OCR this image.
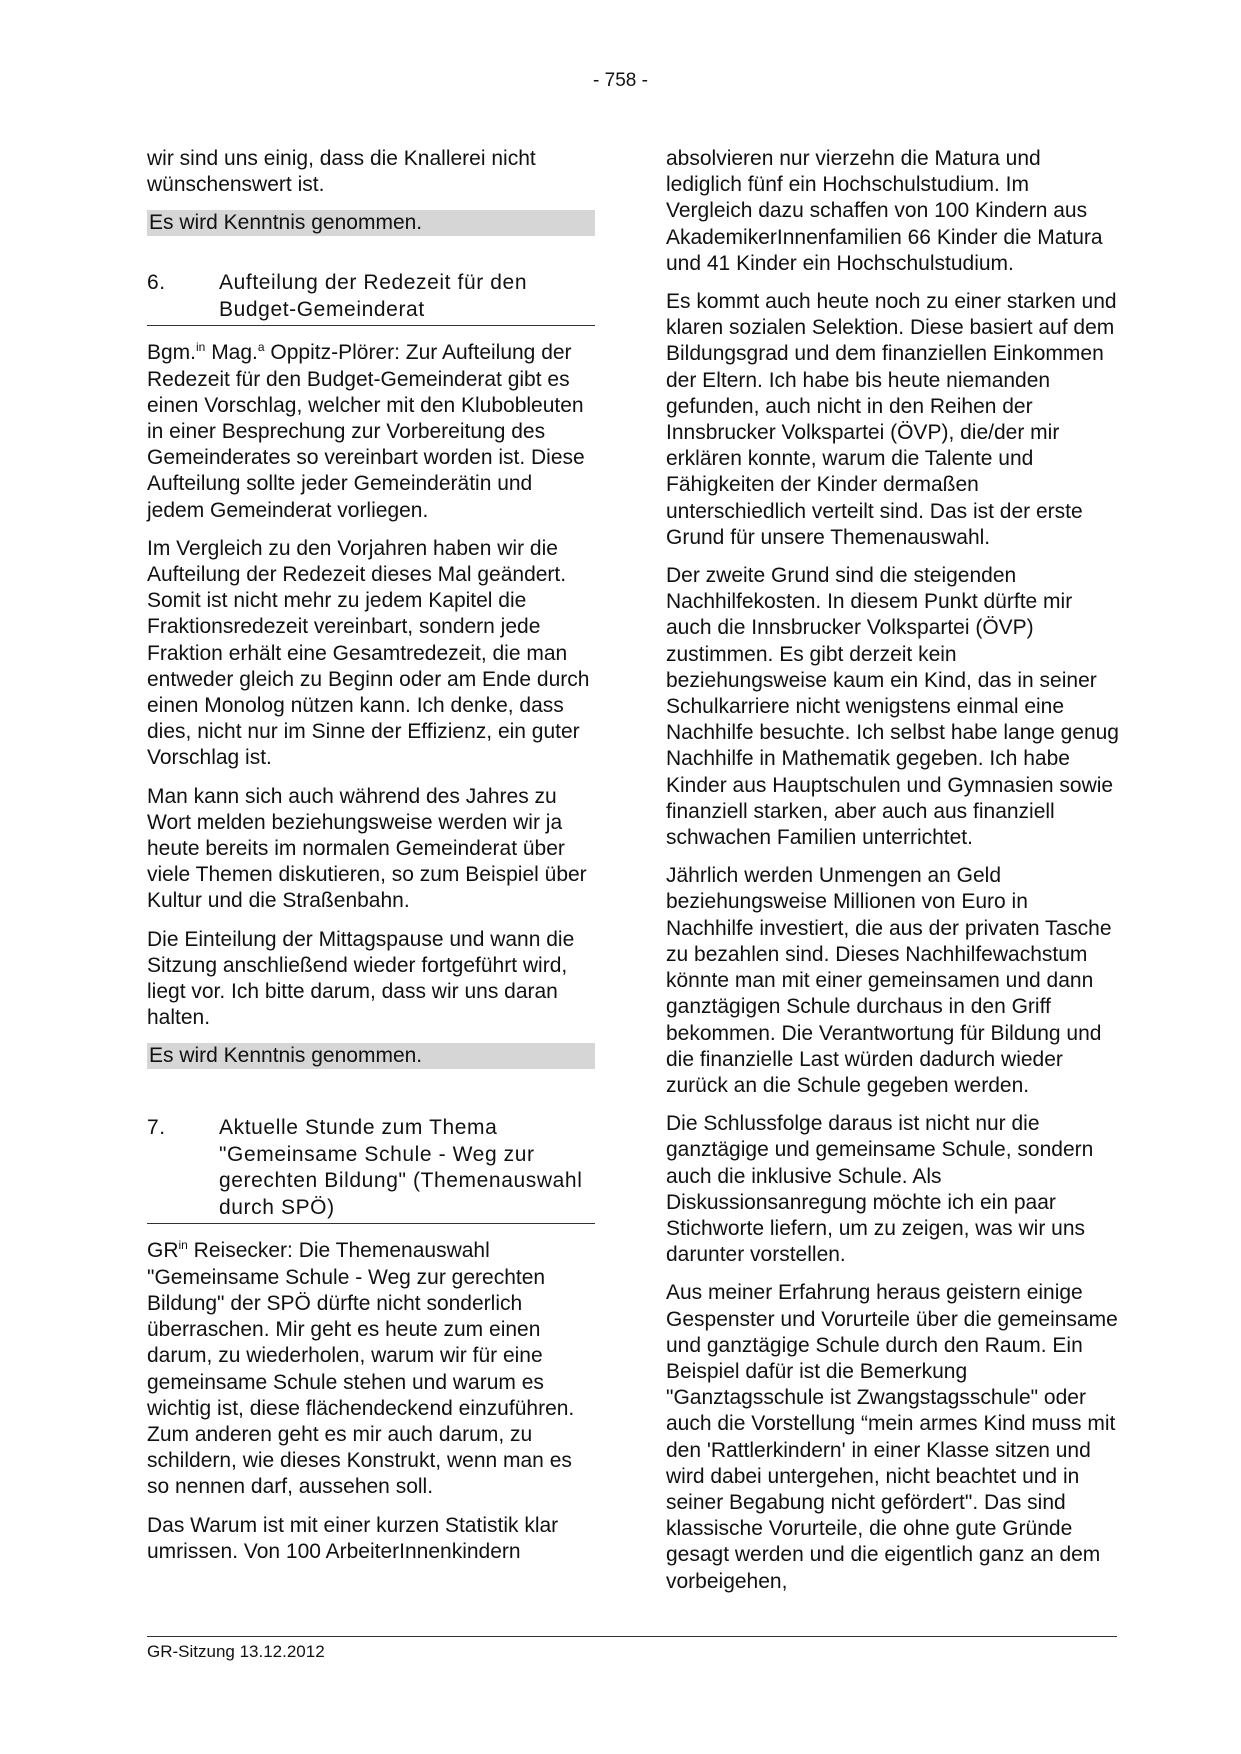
- 758 -

wir sind uns einig, dass die Knallerei nicht wünschenswert ist.

Es wird Kenntnis genommen.
6.	Aufteilung der Redezeit für den Budget-Gemeinderat

Bgm.$^{in}$ Mag.$^a$ Oppitz-Plörer: Zur Aufteilung der Redezeit für den Budget-Gemeinderat gibt es einen Vorschlag, welcher mit den Klubobleuten in einer Besprechung zur Vorbereitung des Gemeinderates so vereinbart worden ist. Diese Aufteilung sollte jeder Gemeinderätin und jedem Gemeinderat vorliegen.

Im Vergleich zu den Vorjahren haben wir die Aufteilung der Redezeit dieses Mal geändert. Somit ist nicht mehr zu jedem Kapitel die Fraktionsredezeit vereinbart, sondern jede Fraktion erhält eine Gesamtredezeit, die man entweder gleich zu Beginn oder am Ende durch einen Monolog nützen kann. Ich denke, dass dies, nicht nur im Sinne der Effizienz, ein guter Vorschlag ist.

Man kann sich auch während des Jahres zu Wort melden beziehungsweise werden wir ja heute bereits im normalen Gemeinderat über viele Themen diskutieren, so zum Beispiel über Kultur und die Straßenbahn.

Die Einteilung der Mittagspause und wann die Sitzung anschließend wieder fortgeführt wird, liegt vor. Ich bitte darum, dass wir uns daran halten.

Es wird Kenntnis genommen.
7.	Aktuelle Stunde zum Thema "Gemeinsame Schule - Weg zur gerechten Bildung" (Themenauswahl durch SPÖ)

$GR^{in}$ Reisecker: Die Themenauswahl "Gemeinsame Schule - Weg zur gerechten Bildung" der SPÖ dürfte nicht sonderlich überraschen. Mir geht es heute zum einen darum, zu wiederholen, warum wir für eine gemeinsame Schule stehen und warum es wichtig ist, diese flächendeckend einzuführen. Zum anderen geht es mir auch darum, zu schildern, wie dieses Konstrukt, wenn man es so nennen darf, aussehen soll.

Das Warum ist mit einer kurzen Statistik klar umrissen. Von 100 ArbeiterInnenkindern

absolvieren nur vierzehn die Matura und lediglich fünf ein Hochschulstudium. Im Vergleich dazu schaffen von 100 Kindern aus AkademikerInnenfamilien 66 Kinder die Matura und 41 Kinder ein Hochschulstudium.

Es kommt auch heute noch zu einer starken und klaren sozialen Selektion. Diese basiert auf dem Bildungsgrad und dem finanziellen Einkommen der Eltern. Ich habe bis heute niemanden gefunden, auch nicht in den Reihen der Innsbrucker Volkspartei (ÖVP), die/der mir erklären konnte, warum die Talente und Fähigkeiten der Kinder dermaßen unterschiedlich verteilt sind. Das ist der erste Grund für unsere Themenauswahl.

Der zweite Grund sind die steigenden Nachhilfekosten. In diesem Punkt dürfte mir auch die Innsbrucker Volkspartei (ÖVP) zustimmen. Es gibt derzeit kein beziehungsweise kaum ein Kind, das in seiner Schulkarriere nicht wenigstens einmal eine Nachhilfe besuchte. Ich selbst habe lange genug Nachhilfe in Mathematik gegeben. Ich habe Kinder aus Hauptschulen und Gymnasien sowie finanziell starken, aber auch aus finanziell schwachen Familien unterrichtet.

Jährlich werden Unmengen an Geld beziehungsweise Millionen von Euro in Nachhilfe investiert, die aus der privaten Tasche zu bezahlen sind. Dieses Nachhilfewachstum könnte man mit einer gemeinsamen und dann ganztägigen Schule durchaus in den Griff bekommen. Die Verantwortung für Bildung und die finanzielle Last würden dadurch wieder zurück an die Schule gegeben werden.

Die Schlussfolge daraus ist nicht nur die ganztägige und gemeinsame Schule, sondern auch die inklusive Schule. Als Diskussionsanregung möchte ich ein paar Stichworte liefern, um zu zeigen, was wir uns darunter vorstellen.

Aus meiner Erfahrung heraus geistern einige Gespenster und Vorurteile über die gemeinsame und ganztägige Schule durch den Raum. Ein Beispiel dafür ist die Bemerkung "Ganztagsschule ist Zwangstagsschule" oder auch die Vorstellung “mein armes Kind muss mit den 'Rattlerkindern' in einer Klasse sitzen und wird dabei untergehen, nicht beachtet und in seiner Begabung nicht gefördert". Das sind klassische Vorurteile, die ohne gute Gründe gesagt werden und die eigentlich ganz an dem vorbeigehen,

GR-Sitzung 13.12.2012
